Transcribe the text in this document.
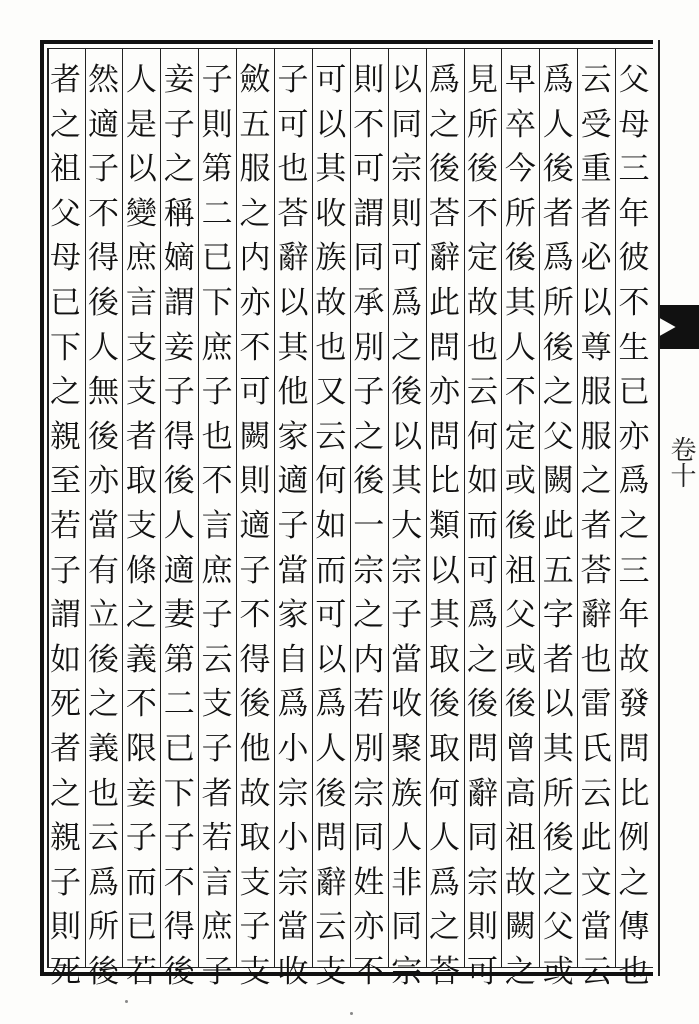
卷十
父
母
三
年
彼
不
生
已
亦
爲
之
三
年
故
發
問
比
例
之
傳
也
云
受
重
者
必
以
尊
服
服
之
者
荅
辭
也
雷
氏
云
此
文
當
云
爲
人
後
者
爲
所
後
之
父
闕
此
五
字
者
以
其
所
後
之
父
或
早
卒
今
所
後
其
人
不
定
或
後
祖
父
或
後
曾
高
祖
故
闕
之
見
所
後
不
定
故
也
云
何
如
而
可
爲
之
後
問
辭
同
宗
則
可
爲
之
後
荅
辭
此
問
亦
問
比
類
以
其
取
後
取
何
人
爲
之
荅
以
同
宗
則
可
爲
之
後
以
其
大
宗
子
當
收
聚
族
人
非
同
宗
則
不
可
謂
同
承
別
子
之
後
一
宗
之
内
若
別
宗
同
姓
亦
不
可
以
其
收
族
故
也
又
云
何
如
而
可
以
爲
人
後
問
辭
云
支
子
可
也
荅
辭
以
其
他
家
適
子
當
家
自
爲
小
宗
小
宗
當
收
斂
五
服
之
内
亦
不
可
闕
則
適
子
不
得
後
他
故
取
支
子
支
子
則
第
二
已
下
庶
子
也
不
言
庶
子
云
支
子
者
若
言
庶
子
妾
子
之
稱
嫡
謂
妾
子
得
後
人
適
妻
第
二
已
下
子
不
得
後
人
是
以
變
庶
言
支
支
者
取
支
條
之
義
不
限
妾
子
而
已
若
然
適
子
不
得
後
人
無
後
亦
當
有
立
後
之
義
也
云
爲
所
後
者
之
祖
父
母
已
下
之
親
至
若
子
謂
如
死
者
之
親
子
則
死
